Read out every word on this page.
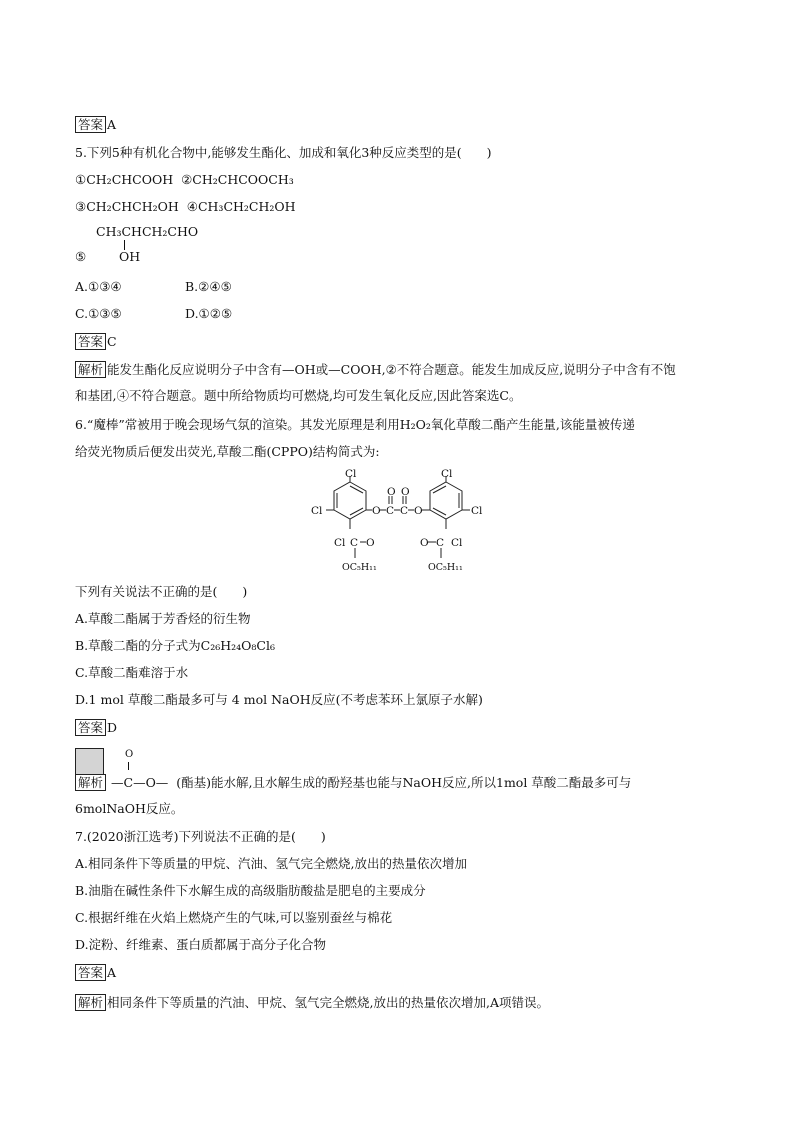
答案 A
5.下列5种有机化合物中,能够发生酯化、加成和氧化3种反应类型的是(　　)
①CH₂CHCOOH ②CH₂CHCOOCH₃
③CH₂CHCH₂OH ④CH₃CH₂CH₂OH
CH₃CHCH₂CHO
OH
⑤
A.①③④	B.②④⑤
C.①③⑤	D.①②⑤
答案 C
解析 能发生酯化反应说明分子中含有—OH或—COOH,②不符合题意。能发生加成反应,说明分子中含有不饱
和基团,④不符合题意。题中所给物质均可燃烧,均可发生氧化反应,因此答案选C。
6.“魔棒”常被用于晚会现场气氛的渲染。其发光原理是利用H₂O₂氧化草酸二酯产生能量,该能量被传递
给荧光物质后便发出荧光,草酸二酯(CPPO)结构简式为:
Cl
Cl	O C C O
O O
Cl
Cl
Cl C O
OC₅H₁₁
O C Cl
OC₅H₁₁
下列有关说法不正确的是(　　)
A.草酸二酯属于芳香烃的衍生物
B.草酸二酯的分子式为C₂₆H₂₄O₈Cl₆
C.草酸二酯难溶于水
D.1 mol 草酸二酯最多可与 4 mol NaOH反应(不考虑苯环上氯原子水解)
答案 D
O
解析 —C—O— (酯基)能水解,且水解生成的酚羟基也能与NaOH反应,所以1mol 草酸二酯最多可与
6molNaOH反应。
7.(2020浙江选考)下列说法不正确的是(　　)
A.相同条件下等质量的甲烷、汽油、氢气完全燃烧,放出的热量依次增加
B.油脂在碱性条件下水解生成的高级脂肪酸盐是肥皂的主要成分
C.根据纤维在火焰上燃烧产生的气味,可以鉴别蚕丝与棉花
D.淀粉、纤维素、蛋白质都属于高分子化合物
答案 A
解析 相同条件下等质量的汽油、甲烷、氢气完全燃烧,放出的热量依次增加,A项错误。
